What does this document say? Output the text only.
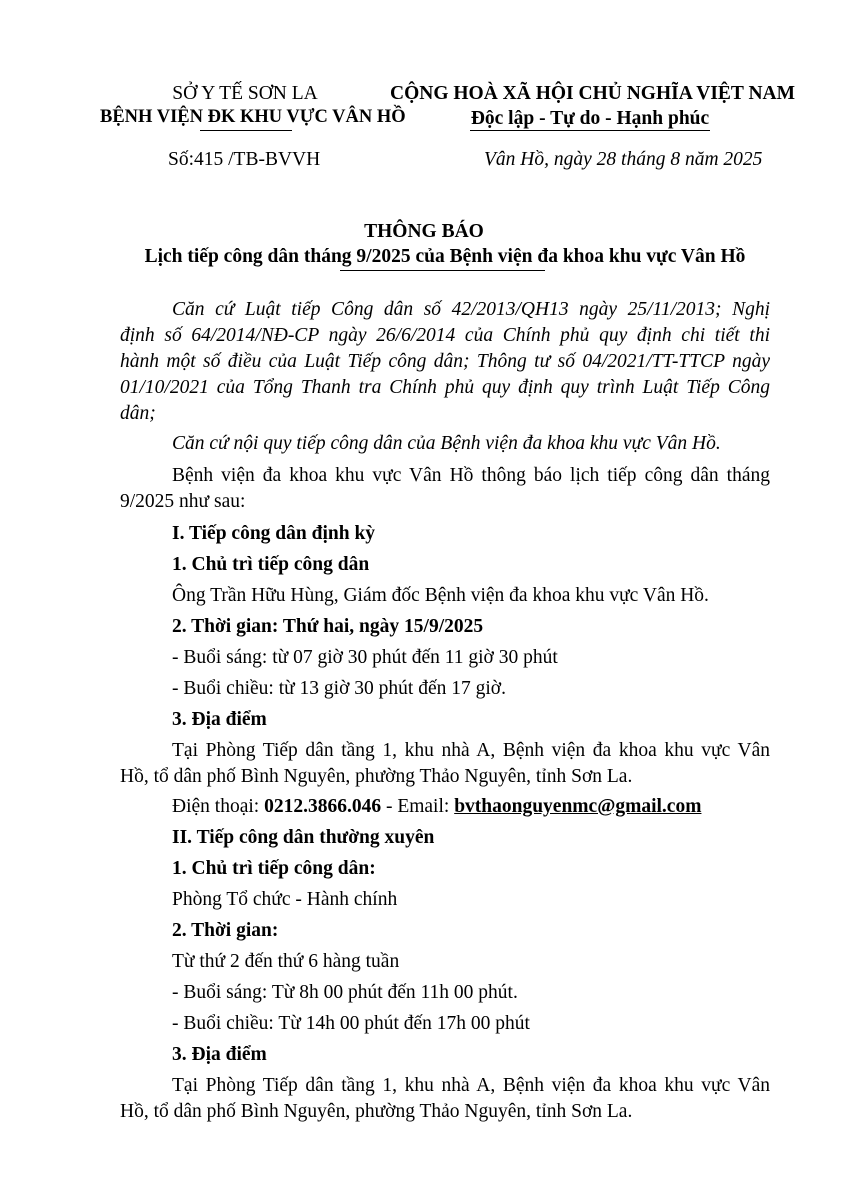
SỞ Y TẾ SƠN LA
BỆNH VIỆN ĐK KHU VỰC VÂN HỒ
CỘNG HOÀ XÃ HỘI CHỦ NGHĨA VIỆT NAM
Độc lập - Tự do - Hạnh phúc
Số:415 /TB-BVVH	Vân Hồ, ngày 28 tháng 8 năm 2025
THÔNG BÁO
Lịch tiếp công dân tháng 9/2025 của Bệnh viện đa khoa khu vực Vân Hồ
Căn cứ Luật tiếp Công dân số 42/2013/QH13 ngày 25/11/2013; Nghị
định số 64/2014/NĐ-CP ngày 26/6/2014 của Chính phủ quy định chi tiết thi
hành một số điều của Luật Tiếp công dân; Thông tư số 04/2021/TT-TTCP ngày
01/10/2021 của Tổng Thanh tra Chính phủ quy định quy trình Luật Tiếp Công
dân;
Căn cứ nội quy tiếp công dân của Bệnh viện đa khoa khu vực Vân Hồ.
Bệnh viện đa khoa khu vực Vân Hồ thông báo lịch tiếp công dân tháng
9/2025 như sau:
I. Tiếp công dân định kỳ
1. Chủ trì tiếp công dân
Ông Trần Hữu Hùng, Giám đốc Bệnh viện đa khoa khu vực Vân Hồ.
2. Thời gian: Thứ hai, ngày 15/9/2025
- Buổi sáng: từ 07 giờ 30 phút đến 11 giờ 30 phút
- Buổi chiều: từ 13 giờ 30 phút đến 17 giờ.
3. Địa điểm
Tại Phòng Tiếp dân tầng 1, khu nhà A, Bệnh viện đa khoa khu vực Vân
Hồ, tổ dân phố Bình Nguyên, phường Thảo Nguyên, tỉnh Sơn La.
Điện thoại: 0212.3866.046 - Email: bvthaonguyenmc@gmail.com
II. Tiếp công dân thường xuyên
1. Chủ trì tiếp công dân:
Phòng Tổ chức - Hành chính
2. Thời gian:
Từ thứ 2 đến thứ 6 hàng tuần
- Buổi sáng: Từ 8h 00 phút đến 11h 00 phút.
- Buổi chiều: Từ 14h 00 phút đến 17h 00 phút
3. Địa điểm
Tại Phòng Tiếp dân tầng 1, khu nhà A, Bệnh viện đa khoa khu vực Vân
Hồ, tổ dân phố Bình Nguyên, phường Thảo Nguyên, tỉnh Sơn La.
